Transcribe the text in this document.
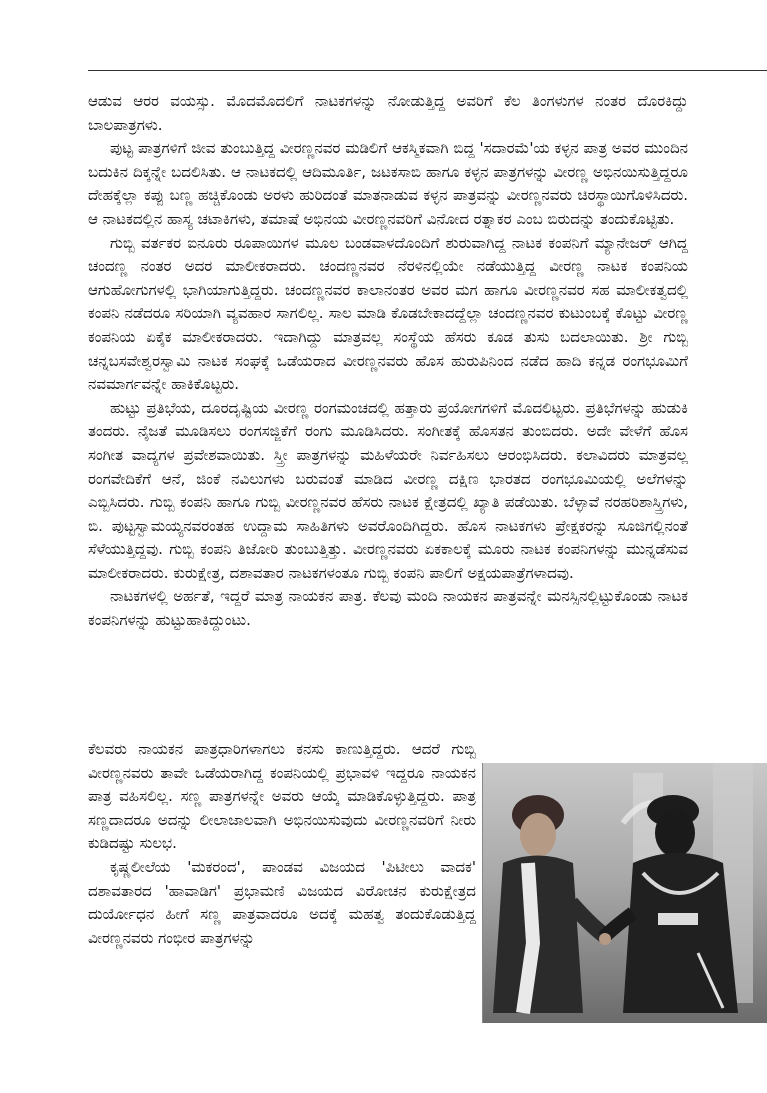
ಆಡುವ ಆರರ ವಯಸ್ಸು. ಮೊದಮೊದಲಿಗೆ ನಾಟಕಗಳನ್ನು ನೋಡುತ್ತಿದ್ದ ಅವರಿಗೆ ಕೆಲ ತಿಂಗಳುಗಳ ನಂತರ ದೊರಕಿದ್ದು ಬಾಲಪಾತ್ರಗಳು.

ಪುಟ್ಟ ಪಾತ್ರಗಳಿಗೆ ಜೀವ ತುಂಬುತ್ತಿದ್ದ ವೀರಣ್ಣನವರ ಮಡಿಲಿಗೆ ಆಕಸ್ಮಿಕವಾಗಿ ಬಿದ್ದ 'ಸದಾರಮೆ'ಯ ಕಳ್ಳನ ಪಾತ್ರ ಅವರ ಮುಂದಿನ ಬದುಕಿನ ದಿಕ್ಕನ್ನೇ ಬದಲಿಸಿತು. ಆ ನಾಟಕದಲ್ಲಿ ಆದಿಮೂರ್ತಿ, ಜಟಕಸಾಬಿ ಹಾಗೂ ಕಳ್ಳನ ಪಾತ್ರಗಳನ್ನು ವೀರಣ್ಣ ಅಭಿನಯಿಸುತ್ತಿದ್ದರೂ ದೇಹಕ್ಕೆಲ್ಲಾ ಕಪ್ಪು ಬಣ್ಣ ಹಚ್ಚಿಕೊಂಡು ಅರಳು ಹುರಿದಂತೆ ಮಾತನಾಡುವ ಕಳ್ಳನ ಪಾತ್ರವನ್ನು ವೀರಣ್ಣನವರು ಚಿರಸ್ಥಾಯಿಗೊಳಿಸಿದರು. ಆ ನಾಟಕದಲ್ಲಿನ ಹಾಸ್ಯ ಚಟಾಕಿಗಳು, ತಮಾಷೆ ಅಭಿನಯ ವೀರಣ್ಣನವರಿಗೆ ವಿನೋದ ರತ್ನಾಕರ ಎಂಬ ಬಿರುದನ್ನು ತಂದುಕೊಟ್ಟಿತು.

ಗುಬ್ಬಿ ವರ್ತಕರ ಐನೂರು ರೂಪಾಯಿಗಳ ಮೂಲ ಬಂಡವಾಳದೊಂದಿಗೆ ಶುರುವಾಗಿದ್ದ ನಾಟಕ ಕಂಪನಿಗೆ ಮ್ಯಾನೇಜರ್ ಆಗಿದ್ದ ಚಂದಣ್ಣ ನಂತರ ಅದರ ಮಾಲೀಕರಾದರು. ಚಂದಣ್ಣನವರ ನೆರಳಿನಲ್ಲಿಯೇ ನಡೆಯುತ್ತಿದ್ದ ವೀರಣ್ಣ ನಾಟಕ ಕಂಪನಿಯ ಆಗುಹೋಗುಗಳಲ್ಲಿ ಭಾಗಿಯಾಗುತ್ತಿದ್ದರು. ಚಂದಣ್ಣನವರ ಕಾಲಾನಂತರ ಅವರ ಮಗ ಹಾಗೂ ವೀರಣ್ಣನವರ ಸಹ ಮಾಲೀಕತ್ವದಲ್ಲಿ ಕಂಪನಿ ನಡೆದರೂ ಸರಿಯಾಗಿ ವ್ಯವಹಾರ ಸಾಗಲಿಲ್ಲ. ಸಾಲ ಮಾಡಿ ಕೊಡಬೇಕಾದದ್ದೆಲ್ಲಾ ಚಂದಣ್ಣನವರ ಕುಟುಂಬಕ್ಕೆ ಕೊಟ್ಟು ವೀರಣ್ಣ ಕಂಪನಿಯ ಏಕೈಕ ಮಾಲೀಕರಾದರು. ಇದಾಗಿದ್ದು ಮಾತ್ರವಲ್ಲ ಸಂಸ್ಥೆಯ ಹೆಸರು ಕೂಡ ತುಸು ಬದಲಾಯಿತು. ಶ್ರೀ ಗುಬ್ಬಿ ಚನ್ನಬಸವೇಶ್ವರಸ್ವಾಮಿ ನಾಟಕ ಸಂಘಕ್ಕೆ ಒಡೆಯರಾದ ವೀರಣ್ಣನವರು ಹೊಸ ಹುರುಪಿನಿಂದ ನಡೆದ ಹಾದಿ ಕನ್ನಡ ರಂಗಭೂಮಿಗೆ ನವಮಾರ್ಗವನ್ನೇ ಹಾಕಿಕೊಟ್ಟರು.

ಹುಟ್ಟು ಪ್ರತಿಭೆಯ, ದೂರದೃಷ್ಟಿಯ ವೀರಣ್ಣ ರಂಗಮಂಚದಲ್ಲಿ ಹತ್ತಾರು ಪ್ರಯೋಗಗಳಿಗೆ ಮೊದಲಿಟ್ಟರು. ಪ್ರತಿಭೆಗಳನ್ನು ಹುಡುಕಿ ತಂದರು. ನೈಜತೆ ಮೂಡಿಸಲು ರಂಗಸಜ್ಜಿಕೆಗೆ ರಂಗು ಮೂಡಿಸಿದರು. ಸಂಗೀತಕ್ಕೆ ಹೊಸತನ ತುಂಬಿದರು. ಅದೇ ವೇಳೆಗೆ ಹೊಸ ಸಂಗೀತ ವಾದ್ಯಗಳ ಪ್ರವೇಶವಾಯಿತು. ಸ್ತ್ರೀ ಪಾತ್ರಗಳನ್ನು ಮಹಿಳೆಯರೇ ನಿರ್ವಹಿಸಲು ಆರಂಭಿಸಿದರು. ಕಲಾವಿದರು ಮಾತ್ರವಲ್ಲ ರಂಗವೇದಿಕೆಗೆ ಆನೆ, ಜಿಂಕೆ ನವಿಲುಗಳು ಬರುವಂತೆ ಮಾಡಿದ ವೀರಣ್ಣ ದಕ್ಷಿಣ ಭಾರತದ ರಂಗಭೂಮಿಯಲ್ಲಿ ಅಲೆಗಳನ್ನು ಎಬ್ಬಿಸಿದರು. ಗುಬ್ಬಿ ಕಂಪನಿ ಹಾಗೂ ಗುಬ್ಬಿ ವೀರಣ್ಣನವರ ಹೆಸರು ನಾಟಕ ಕ್ಷೇತ್ರದಲ್ಲಿ ಖ್ಯಾತಿ ಪಡೆಯಿತು. ಬೆಳ್ಳಾವೆ ನರಹರಿಶಾಸ್ತ್ರಿಗಳು, ಬಿ. ಪುಟ್ಟಸ್ವಾಮಯ್ಯನವರಂತಹ ಉದ್ದಾಮ ಸಾಹಿತಿಗಳು ಅವರೊಂದಿಗಿದ್ದರು. ಹೊಸ ನಾಟಕಗಳು ಪ್ರೇಕ್ಷಕರನ್ನು ಸೂಜಿಗಲ್ಲಿನಂತೆ ಸೆಳೆಯುತ್ತಿದ್ದವು. ಗುಬ್ಬಿ ಕಂಪನಿ ತಿಜೋರಿ ತುಂಬುತ್ತಿತ್ತು. ವೀರಣ್ಣನವರು ಏಕಕಾಲಕ್ಕೆ ಮೂರು ನಾಟಕ ಕಂಪನಿಗಳನ್ನು ಮುನ್ನಡೆಸುವ ಮಾಲೀಕರಾದರು. ಕುರುಕ್ಷೇತ್ರ, ದಶಾವತಾರ ನಾಟಕಗಳಂತೂ ಗುಬ್ಬಿ ಕಂಪನಿ ಪಾಲಿಗೆ ಅಕ್ಷಯಪಾತ್ರೆಗಳಾದವು.

ನಾಟಕಗಳಲ್ಲಿ ಅರ್ಹತೆ, ಇದ್ದರೆ ಮಾತ್ರ ನಾಯಕನ ಪಾತ್ರ. ಕೆಲವು ಮಂದಿ ನಾಯಕನ ಪಾತ್ರವನ್ನೇ ಮನಸ್ಸಿನಲ್ಲಿಟ್ಟುಕೊಂಡು ನಾಟಕ ಕಂಪನಿಗಳನ್ನು ಹುಟ್ಟುಹಾಕಿದ್ದುಂಟು.

ಕೆಲವರು ನಾಯಕನ ಪಾತ್ರಧಾರಿಗಳಾಗಲು ಕನಸು ಕಾಣುತ್ತಿದ್ದರು. ಆದರೆ ಗುಬ್ಬಿ ವೀರಣ್ಣನವರು ತಾವೇ ಒಡೆಯರಾಗಿದ್ದ ಕಂಪನಿಯಲ್ಲಿ ಪ್ರಭಾವಳಿ ಇದ್ದರೂ ನಾಯಕನ ಪಾತ್ರ ವಹಿಸಲಿಲ್ಲ. ಸಣ್ಣ ಪಾತ್ರಗಳನ್ನೇ ಅವರು ಆಯ್ಕೆ ಮಾಡಿಕೊಳ್ಳುತ್ತಿದ್ದರು. ಪಾತ್ರ ಸಣ್ಣದಾದರೂ ಅದನ್ನು ಲೀಲಾಜಾಲವಾಗಿ ಅಭಿನಯಿಸುವುದು ವೀರಣ್ಣನವರಿಗೆ ನೀರು ಕುಡಿದಷ್ಟು ಸುಲಭ.

ಕೃಷ್ಣಲೀಲೆಯ 'ಮಕರಂದ', ಪಾಂಡವ ವಿಜಯದ 'ಪಿಟೀಲು ವಾದಕ' ದಶಾವತಾರದ 'ಹಾವಾಡಿಗ' ಪ್ರಭಾಮಣಿ ವಿಜಯದ ವಿರೋಚನ ಕುರುಕ್ಷೇತ್ರದ ದುರ್ಯೋಧನ ಹೀಗೆ ಸಣ್ಣ ಪಾತ್ರವಾದರೂ ಅದಕ್ಕೆ ಮಹತ್ವ ತಂದುಕೊಡುತ್ತಿದ್ದ ವೀರಣ್ಣನವರು ಗಂಭೀರ ಪಾತ್ರಗಳನ್ನು
